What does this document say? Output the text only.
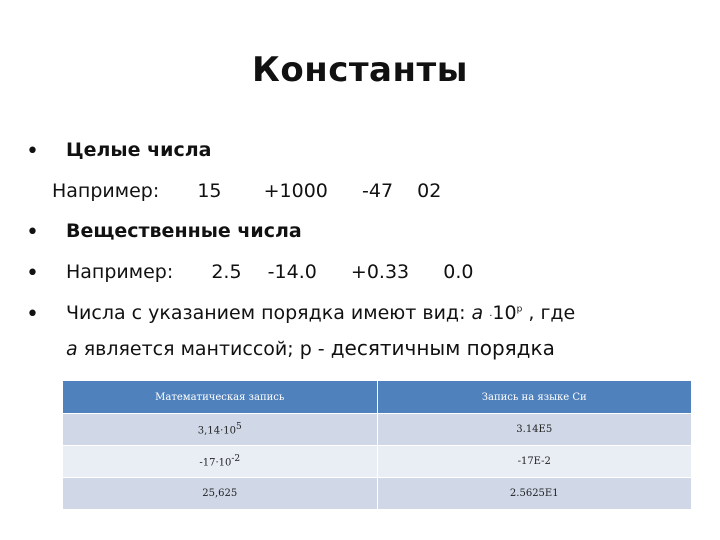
Константы
• Целые числа
Например: 15 +1000 -47 02
• Вещественные числа
• Например: 2.5 -14.0 +0.33 0.0
• Числа с указанием порядка имеют вид: $a \cdot 10^p$ , где
a является мантиссой; p - десятичным порядка
Математическая запись	Запись на языке Си
$3,14\cdot 10^5$	3.14E5
$-17\cdot 10^{-2}$	-17E-2
25,625	2.5625E1
